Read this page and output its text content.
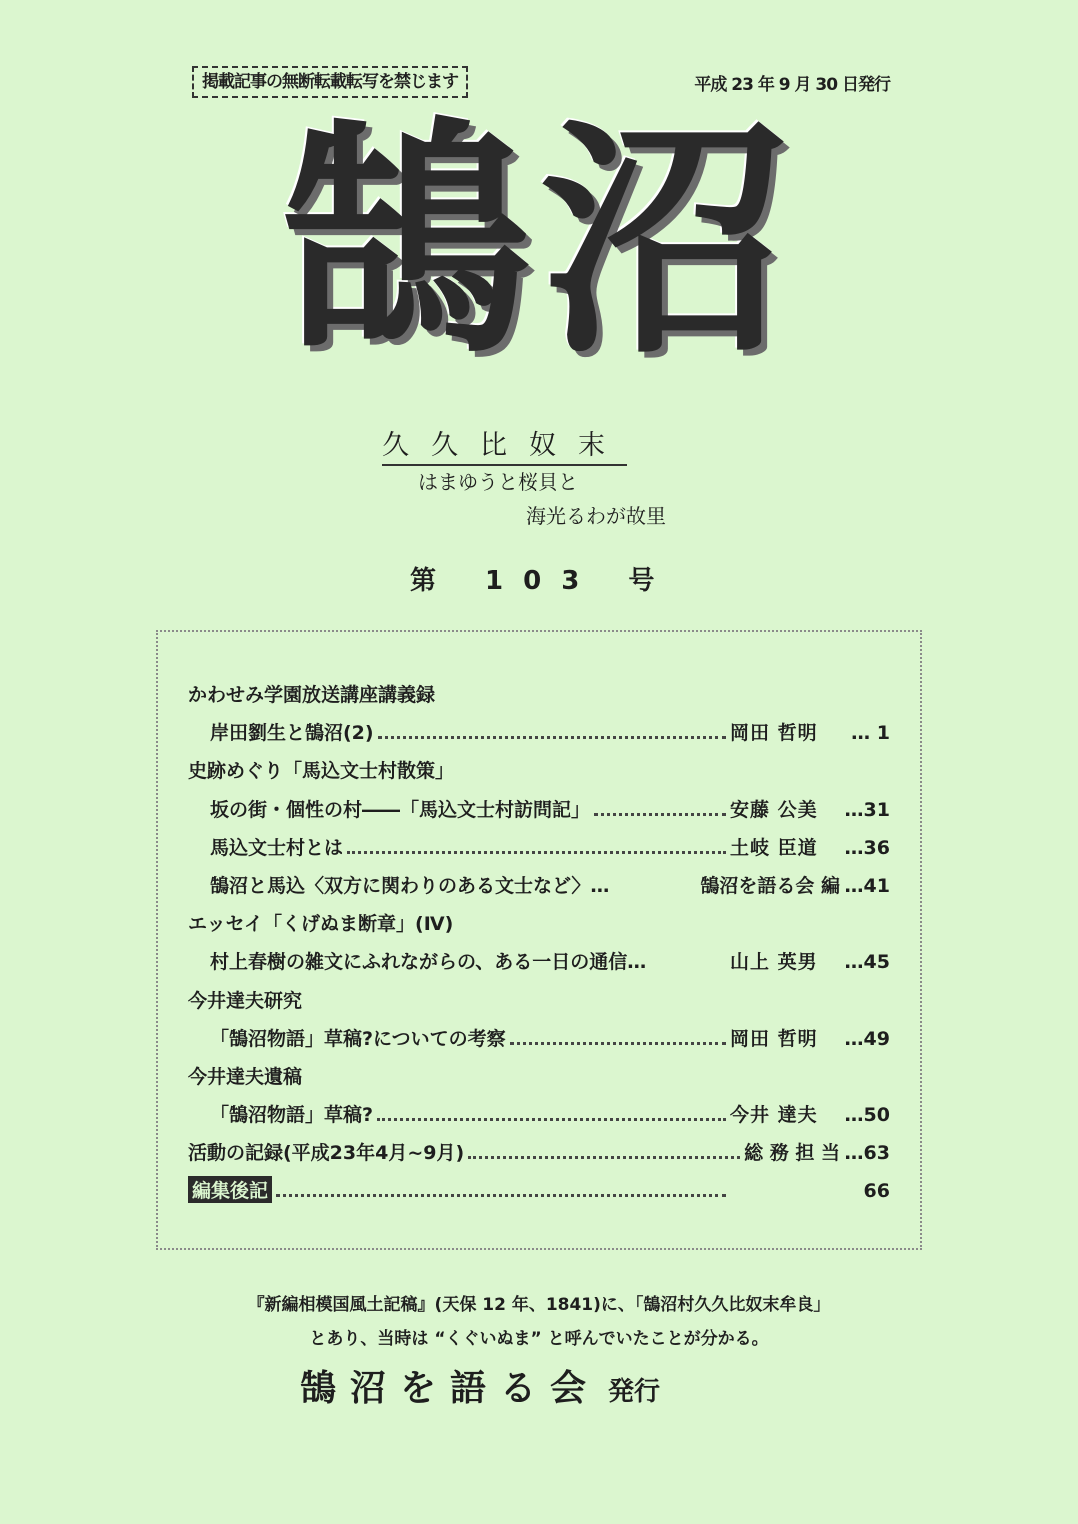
掲載記事の無断転載転写を禁じます	平成 23 年 9 月 30 日発行
鵠沼
久久比奴末
はまゆうと桜貝と
海光るわが故里
第 103 号
かわせみ学園放送講座講義録
岸田劉生と鵠沼(2)	岡田 哲明	… 1
史跡めぐり「馬込文士村散策」
坂の街・個性の村――「馬込文士村訪問記」	安藤 公美	…31
馬込文士村とは	土岐 臣道	…36
鵠沼と馬込〈双方に関わりのある文士など〉…	鵠沼を語る会 編 …41
エッセイ「くげぬま断章」(Ⅳ)
村上春樹の雑文にふれながらの、ある一日の通信…	山上 英男	…45
今井達夫研究
「鵠沼物語」草稿?についての考察	岡田 哲明	…49
今井達夫遺稿
「鵠沼物語」草稿?	今井 達夫	…50
活動の記録(平成23年4月~9月)	総 務 担 当 …63
編集後記	66
『新編相模国風土記稿』(天保 12 年、1841)に、「鵠沼村久久比奴末牟良」
とあり、当時は “くぐいぬま” と呼んでいたことが分かる。
鵠沼を語る会 発行
